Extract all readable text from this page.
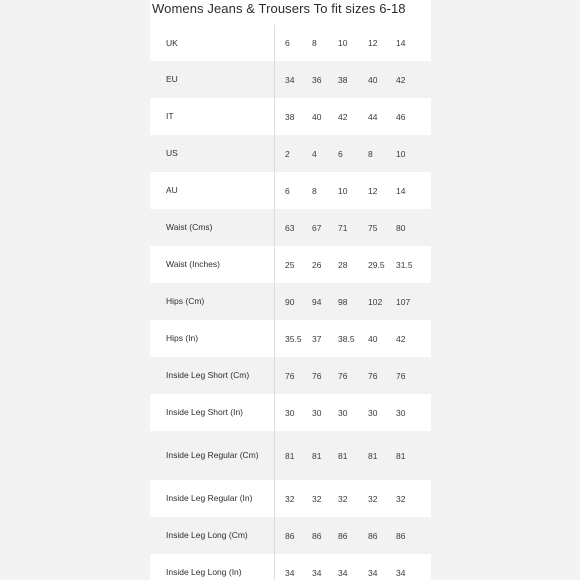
Womens Jeans & Trousers To fit sizes 6-18
UK	6	8	10	12	14
EU	34	36	38	40	42
IT	38	40	42	44	46
US	2	4	6	8	10
AU	6	8	10	12	14
Waist (Cms)	63	67	71	75	80
Waist (Inches)	25	26	28	29.5	31.5
Hips (Cm)	90	94	98	102	107
Hips (In)	35.5	37	38.5	40	42
Inside Leg Short (Cm)	76	76	76	76	76
Inside Leg Short (In)	30	30	30	30	30
Inside Leg Regular (Cm)	81	81	81	81	81
Inside Leg Regular (In)	32	32	32	32	32
Inside Leg Long (Cm)	86	86	86	86	86
Inside Leg Long (In)	34	34	34	34	34
